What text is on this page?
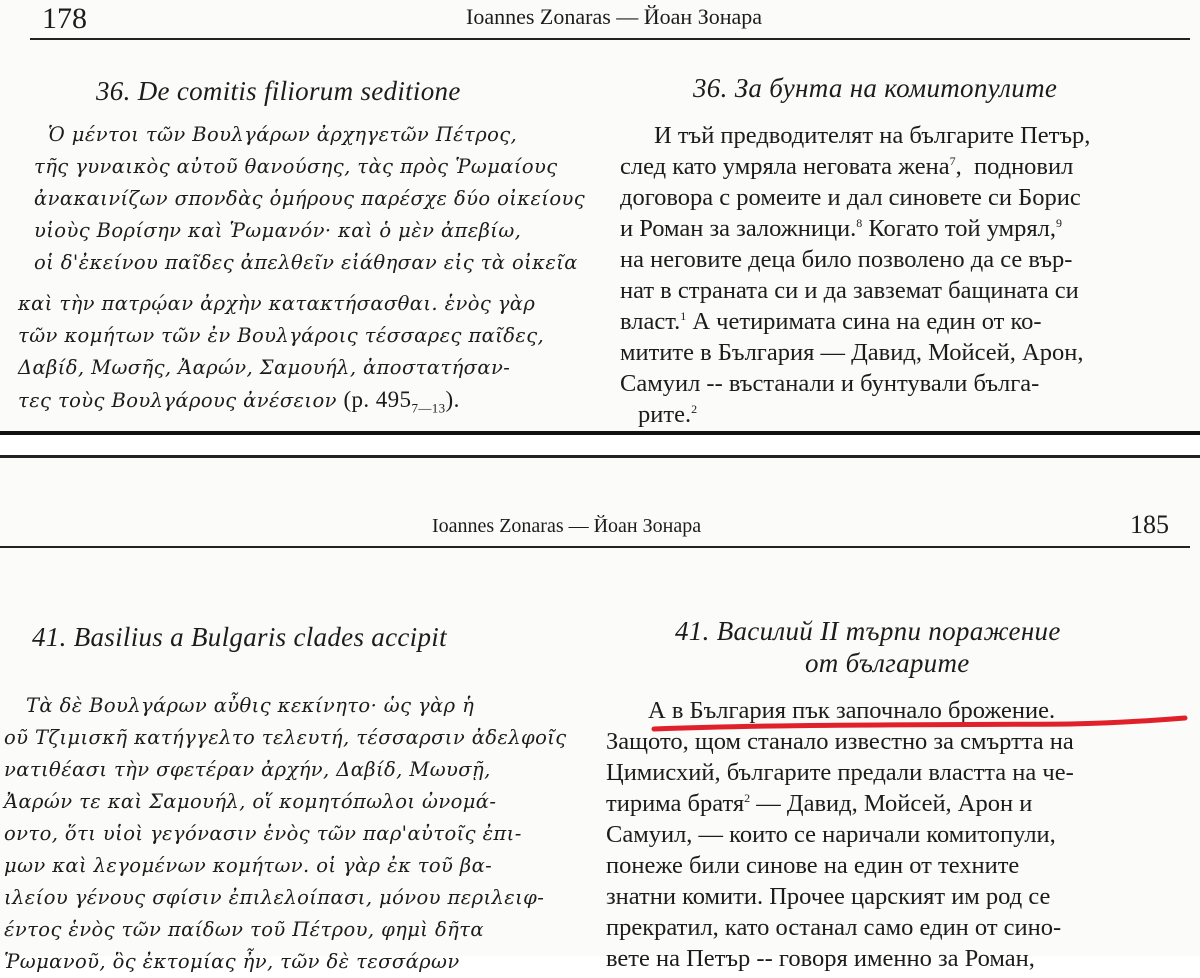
178	Ioannes Zonaras — Йоан Зонара
36. De comitis filiorum seditione	36. За бунта на комитопулите
Ὁ μέντοι τῶν Βουλγάρων ἀρχηγετῶν Πέτρος,
τῆς γυναικὸς αὐτοῦ θανούσης, τὰς πρὸς Ῥωμαίους
ἀνακαινίζων σπονδὰς ὁμήρους παρέσχε δύο οἰκείους
υἱοὺς Βορίσην καὶ Ῥωμανόν· καὶ ὁ μὲν ἀπεβίω,
οἱ δ'ἐκείνου παῖδες ἀπελθεῖν εἰάθησαν εἰς τὰ οἰκεῖα
καὶ τὴν πατρῴαν ἀρχὴν κατακτήσασθαι. ἑνὸς γὰρ
τῶν κομήτων τῶν ἐν Βουλγάροις τέσσαρες παῖδες,
Δαβίδ, Μωσῆς, Ἀαρών, Σαμουήλ, ἀποστατήσαν-
τες τοὺς Βουλγάρους ἀνέσειον (p. $495_{7—13}$).
И тъй предводителят на българите Петър,
след като умряла неговата жена$^7$,  подновил
договора с ромеите и дал синовете си Борис
и Роман за заложници.$^8$ Когато той умрял,$^9$
на неговите деца било позволено да се вър-
нат в страната си и да завземат бащината си
власт.$^1$ А четиримата сина на един от ко-
митите в България — Давид, Мойсей, Арон,
Самуил -- въстанали и бунтували бълга-
рите.$^2$
Ioannes Zonaras — Йоан Зонара	185
41. Basilius a Bulgaris clades accipit	41. Василий II търпи поражение
от българите
Τὰ δὲ Βουλγάρων αὖθις κεκίνητο· ὡς γὰρ ἡ
οῦ Τζιμισκῆ κατήγγελτο τελευτή, τέσσαρσιν ἀδελφοῖς
νατιθέασι τὴν σφετέραν ἀρχήν, Δαβίδ, Μωυσῇ,
Ἀαρών τε καὶ Σαμουήλ, οἵ κομητόπωλοι ὠνομά-
οντο, ὅτι υἱοὶ γεγόνασιν ἑνὸς τῶν παρ'αὐτοῖς ἐπι-
μων καὶ λεγομένων κομήτων. οἱ γὰρ ἐκ τοῦ βα-
ιλείου γένους σφίσιν ἐπιλελοίπασι, μόνου περιλειφ-
έντος ἑνὸς τῶν παίδων τοῦ Πέτρου, φημὶ δῆτα
Ῥωμανοῦ, ὃς ἐκτομίας ἦν, τῶν δὲ τεσσάρων
А в България пък започнало брожение.
Защото, щом станало известно за смъртта на
Цимисхий, българите предали властта на че-
тирима братя$^2$ — Давид, Мойсей, Арон и
Самуил, — които се наричали комитопули,
понеже били синове на един от техните
знатни комити. Прочее царският им род се
прекратил, като останал само един от сино-
вете на Петър -- говоря именно за Роман,
